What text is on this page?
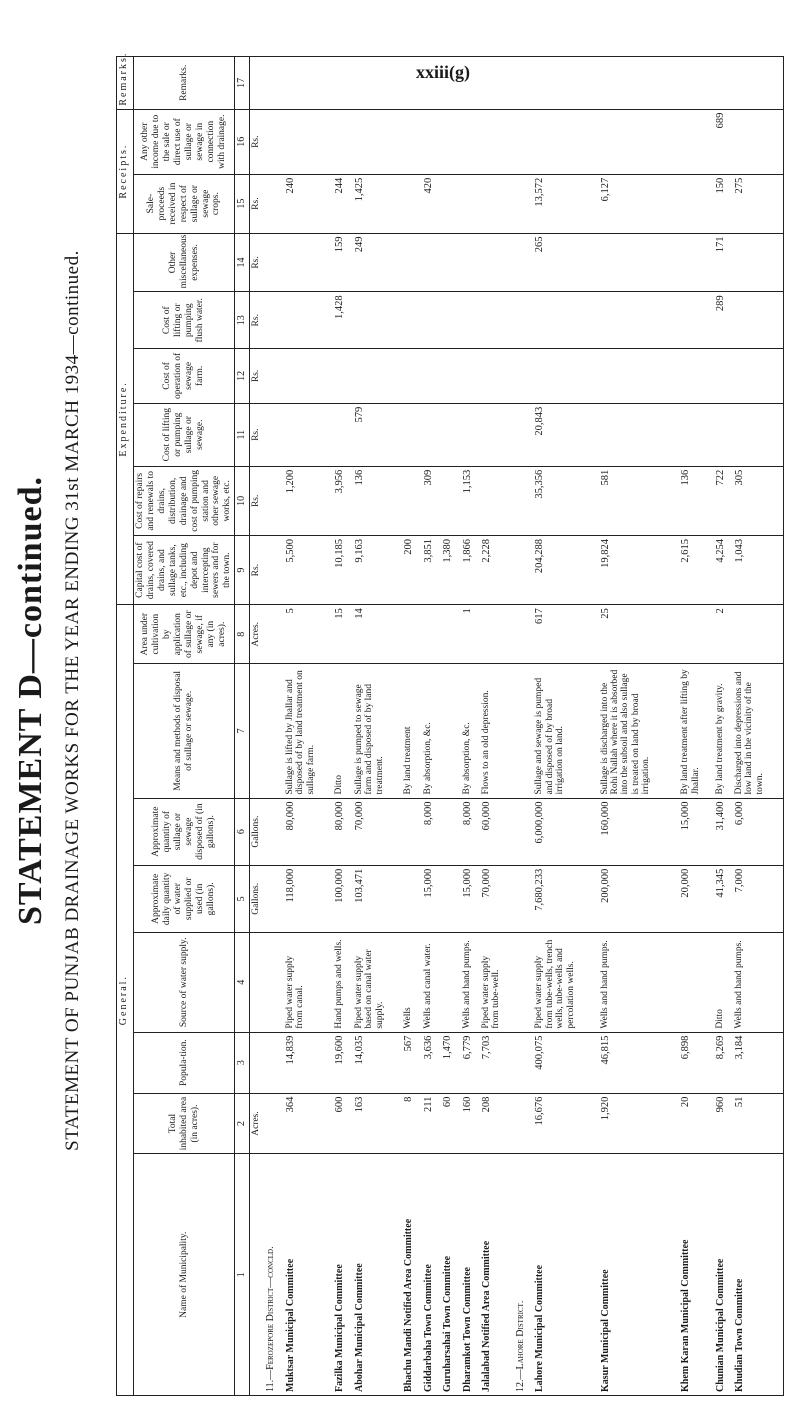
STATEMENT D—continued. STATEMENT OF PUNJAB DRAINAGE WORKS FOR THE YEAR ENDING 31st MARCH 1934—continued.
xxiii(g)
General.								Expenditure.						Receipts.		Remarks.
Name of Municipality.	Total inhabited area (in acres).	Popula-tion.	Source of water supply.	Approximate daily quantity of water supplied or used (in gallons).	Approximate quantity of sullage or sewage disposed of (in gallons).	Means and methods of disposal of sullage or sewage.	Area under cultivation by application of sullage or sewage, if any (in acres).	Capital cost of drains, covered drains, and sullage tanks, etc., including depot and intercepting sewers and for the town.	Cost of repairs and renewals to drains, distribution, drainage and cost of pumping station and other sewage works, etc.	Cost of lifting or pumping sullage or sewage.	Cost of operation of sewage farm.	Cost of lifting or pumping flush water.	Other miscellaneous expenses.	Sale-proceeds received in respect of sullage or sewage crops.	Any other income due to the sale or direct use of sullage or sewage in connection with drainage.	Remarks.
1	2	3	4	5	6	7	8	9	10	11	12	13	14	15	16	17
	Acres.			Gallons.	Gallons.		Acres.	Rs.	Rs.	Rs.	Rs.	Rs.	Rs.	Rs.	Rs.	
11.—Ferozepore District—concld.																
Muktsar Municipal Committee	364	14,839	Piped water supply from canal.	118,000	80,000	Sullage is lifted by Jhallar and disposed of by land treatment on sullage farm.	5	5,500	1,200					240		
Fazilka Municipal Committee	600	19,600	Hand pumps and wells.	100,000	80,000	Ditto	15	10,185	3,956			1,428	159	244		
Abohar Municipal Committee	163	14,035	Piped water supply based on canal water supply.	103,471	70,000	Sullage is pumped to sewage farm and disposed of by land treatment.	14	9,163	136	579			249	1,425		
Bhachu Mandi Notified Area Committee	8	567	Wells			By land treatment		200								
Giddarbaha Town Committee	211	3,636	Wells and canal water.	15,000	8,000	By absorption, &c.		3,851	309					420		
Guruharsahai Town Committee	60	1,470						1,380								
Dharamkot Town Committee	160	6,779	Wells and hand pumps.	15,000	8,000	By absorption, &c.	1	1,866	1,153							
Jalalabad Notified Area Committee	208	7,703	Piped water supply from tube-well.	70,000	60,000	Flows to an old depression.		2,228								
12.—Lahore District.																
Lahore Municipal Committee	16,676	400,075	Piped water supply from tube-wells, trench wells, tube-wells and percolation wells.	7,680,233	6,000,000	Sullage and sewage is pumped and disposed of by broad irrigation on land.	617	204,288	35,356	20,843			265	13,572		
Kasur Municipal Committee	1,920	46,815	Wells and hand pumps.	200,000	160,000	Sullage is discharged into the Rohi Nallah where it is absorbed into the subsoil and also sullage is treated on land by broad irrigation.	25	19,824	581					6,127		
Khem Karan Municipal Committee	20	6,898		20,000	15,000	By land treatment after lifting by Jhallar.		2,615	136							
Chunian Municipal Committee	960	8,269	Ditto	41,345	31,400	By land treatment by gravity.	2	4,254	722			289	171	150	689	
Khudian Town Committee	51	3,184	Wells and hand pumps.	7,000	6,000	Discharged into depressions and low land in the vicinity of the town.		1,043	305					275		
